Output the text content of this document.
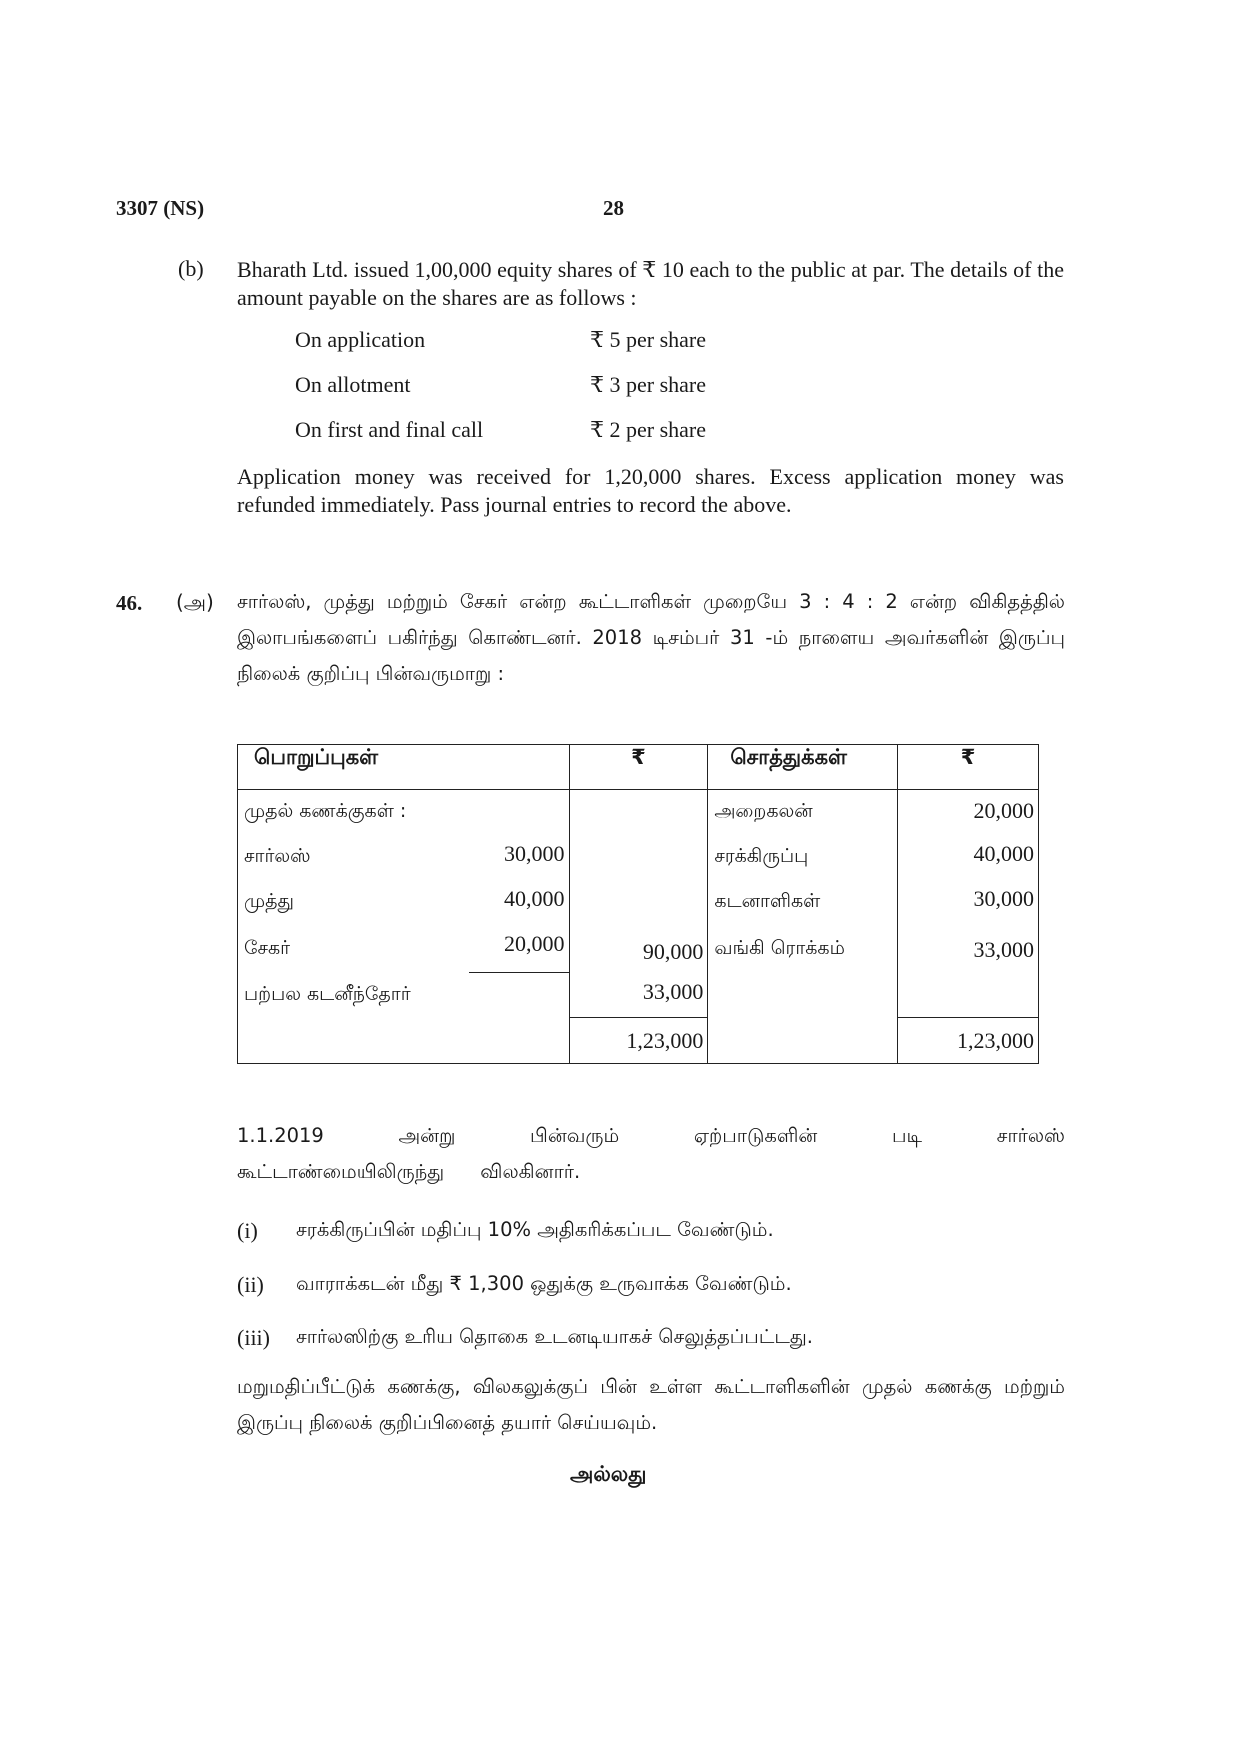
3307 (NS)	28
(b) Bharath Ltd. issued 1,00,000 equity shares of ₹ 10 each to the public at par. The details of the amount payable on the shares are as follows :
On application	₹ 5 per share
On allotment	₹ 3 per share
On first and final call	₹ 2 per share
Application money was received for 1,20,000 shares. Excess application money was refunded immediately. Pass journal entries to record the above.
46. (அ) சார்லஸ், முத்து மற்றும் சேகர் என்ற கூட்டாளிகள் முறையே 3 : 4 : 2 என்ற விகிதத்தில் இலாபங்களைப் பகிர்ந்து கொண்டனர். 2018 டிசம்பர் 31 -ம் நாளைய அவர்களின் இருப்பு நிலைக் குறிப்பு பின்வருமாறு :
பொறுப்புகள்		₹	சொத்துக்கள்	₹
முதல் கணக்குகள் :			அறைகலன்	20,000
சார்லஸ்	30,000		சரக்கிருப்பு	40,000
முத்து	40,000		கடனாளிகள்	30,000
சேகர்	20,000	90,000	வங்கி ரொக்கம்	33,000
பற்பல கடனீந்தோர்		33,000		
		1,23,000		1,23,000
1.1.2019 அன்று பின்வரும் ஏற்பாடுகளின் படி சார்லஸ் கூட்டாண்மையிலிருந்து விலகினார்.
(i) சரக்கிருப்பின் மதிப்பு 10% அதிகரிக்கப்பட வேண்டும்.
(ii) வாராக்கடன் மீது ₹ 1,300 ஒதுக்கு உருவாக்க வேண்டும்.
(iii) சார்லஸிற்கு உரிய தொகை உடனடியாகச் செலுத்தப்பட்டது.
மறுமதிப்பீட்டுக் கணக்கு, விலகலுக்குப் பின் உள்ள கூட்டாளிகளின் முதல் கணக்கு மற்றும் இருப்பு நிலைக் குறிப்பினைத் தயார் செய்யவும்.
அல்லது
